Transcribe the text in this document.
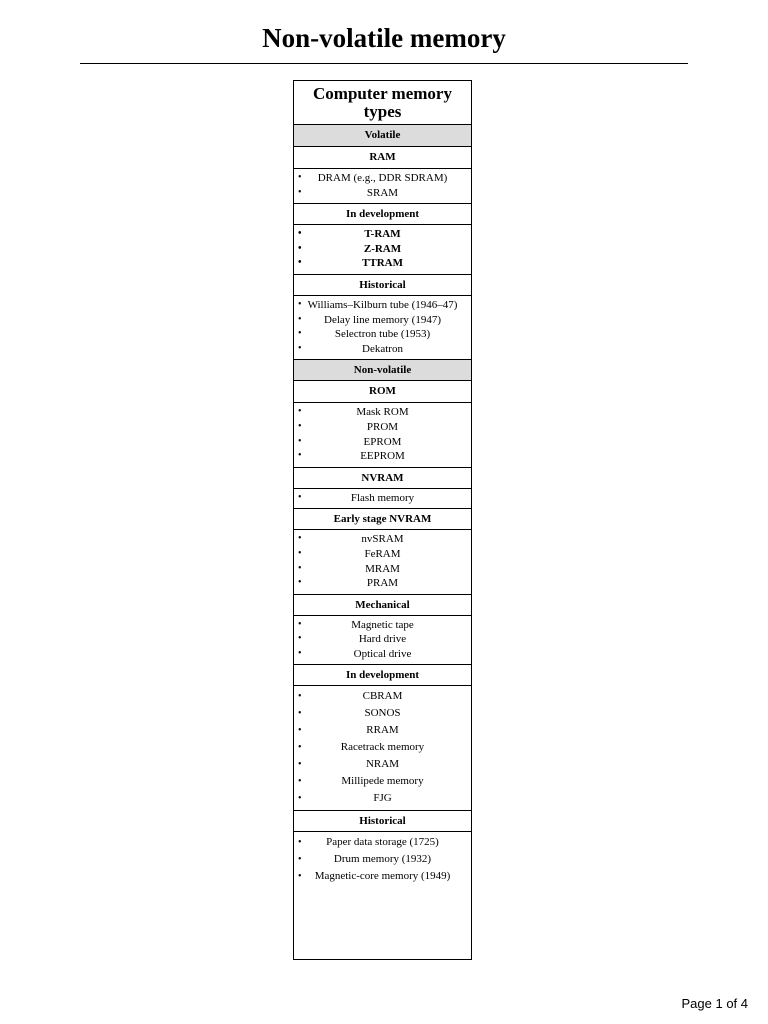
Non-volatile memory
Computer memory types
Volatile
RAM
• DRAM (e.g., DDR SDRAM)
•	SRAM
In development
•	T-RAM
•	Z-RAM
•	TTRAM
Historical
• Williams–Kilburn tube (1946–47)
• Delay line memory (1947)
•	Selectron tube (1953)
•	Dekatron
Non-volatile
ROM
•	Mask ROM
•	PROM
•	EPROM
•	EEPROM
NVRAM
•	Flash memory
Early stage NVRAM
•	nvSRAM
•	FeRAM
•	MRAM
•	PRAM
Mechanical
•	Magnetic tape
•	Hard drive
•	Optical drive
In development
•	CBRAM
•	SONOS
•	RRAM
•	Racetrack memory
•	NRAM
•	Millipede memory
•	FJG
Historical
• Paper data storage (1725)
•	Drum memory (1932)
• Magnetic-core memory (1949)
Page 1 of 4
